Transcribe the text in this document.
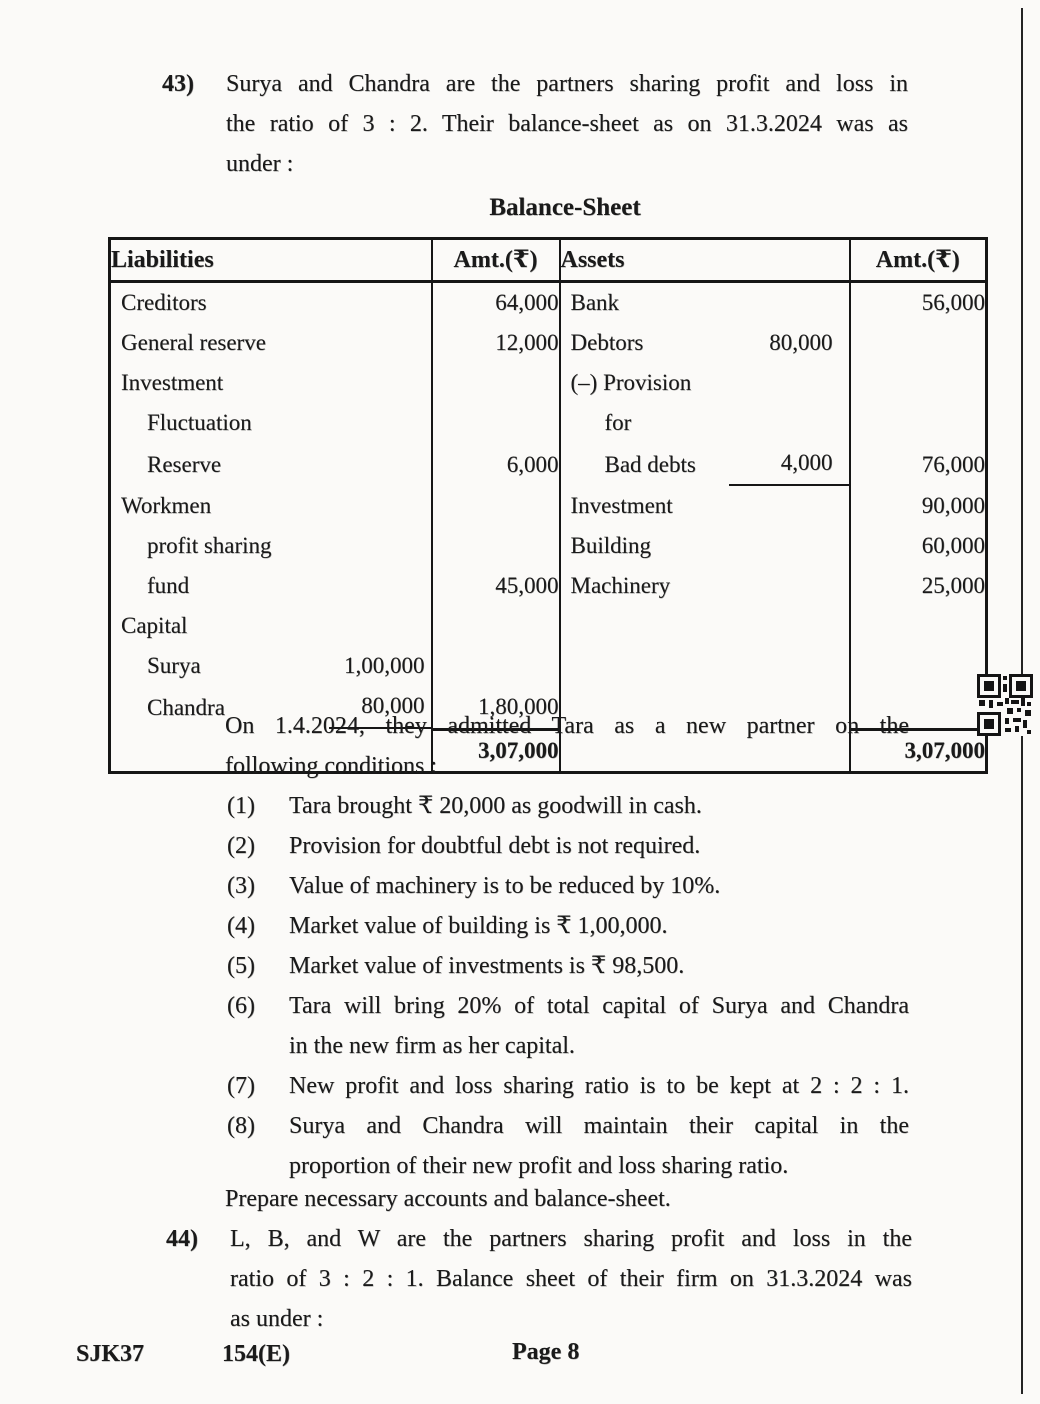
43)	Surya and Chandra are the partners sharing profit and loss in
the ratio of 3 : 2. Their balance-sheet as on 31.3.2024 was as
under :
Balance-Sheet
Liabilities	Amt.(₹)	Assets	Amt.(₹)

Creditors	64,000	Bank	56,000

General reserve	12,000	Debtors 80,000	

Investment		(–) Provision	

Fluctuation		for	

Reserve	6,000	Bad debts 4,000	76,000

Workmen		Investment	90,000

profit sharing		Building	60,000

fund	45,000	Machinery	25,000

Capital			

Surya 1,00,000			

Chandra 80,000	1,80,000	

	3,07,000		3,07,000
On 1.4.2024, they admitted Tara as a new partner on the
following conditions :
(1)	Tara brought ₹ 20,000 as goodwill in cash.
(2)	Provision for doubtful debt is not required.
(3)	Value of machinery is to be reduced by 10%.
(4)	Market value of building is ₹ 1,00,000.
(5)	Market value of investments is ₹ 98,500.
(6)	Tara will bring 20% of total capital of Surya and Chandra
in the new firm as her capital.
(7)	New profit and loss sharing ratio is to be kept at 2 : 2 : 1.
(8)	Surya and Chandra will maintain their capital in the
proportion of their new profit and loss sharing ratio.
Prepare necessary accounts and balance-sheet.
44)	L, B, and W are the partners sharing profit and loss in the
ratio of 3 : 2 : 1. Balance sheet of their firm on 31.3.2024 was
as under :
SJK37	154(E)	Page 8
